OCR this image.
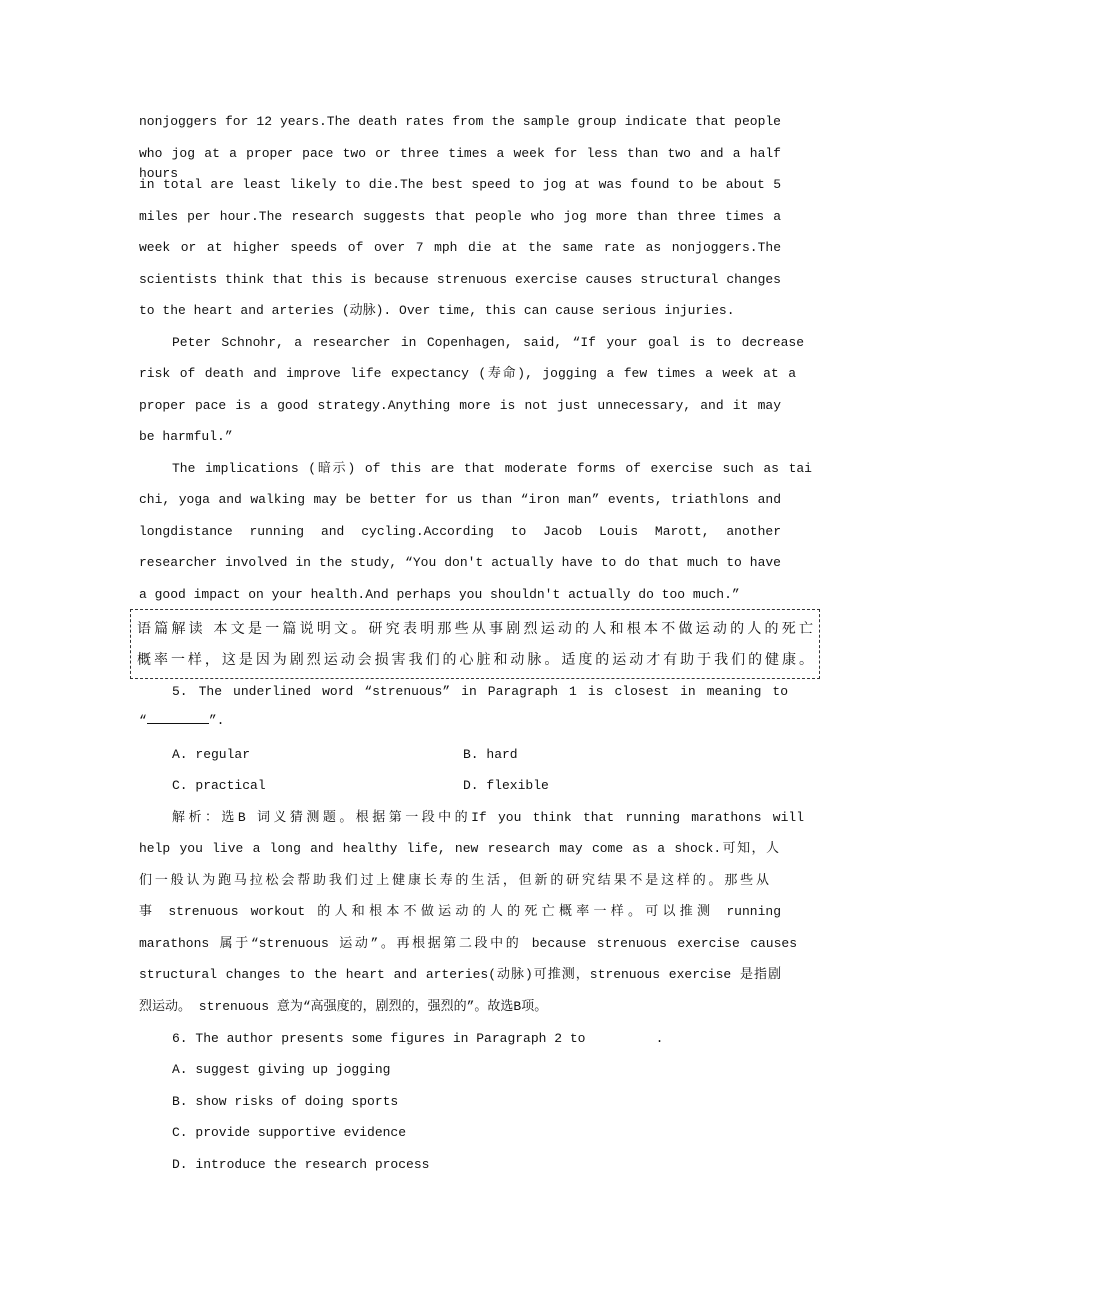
nonjoggers for 12 years.The death rates from the sample group indicate that people
who jog at a proper pace two or three times a week for less than two and a half hours
in total are least likely to die.The best speed to jog at was found to be about 5
miles per hour.The research suggests that people who jog more than three times a
week or at higher speeds of over 7 mph die at the same rate as nonjoggers.The
scientists think that this is because strenuous exercise causes structural changes
to the heart and arteries (动脉). Over time, this can cause serious injuries.
Peter Schnohr, a researcher in Copenhagen, said, “If your goal is to decrease
risk of death and improve life expectancy (寿命), jogging a few times a week at a
proper pace is a good strategy.Anything more is not just unnecessary, and it may
be harmful.”
The implications (暗示) of this are that moderate forms of exercise such as tai
chi, yoga and walking may be better for us than “iron man” events, triathlons and
longdistance running and cycling.According to Jacob Louis Marott, another
researcher involved in the study, “You don't actually have to do that much to have
a good impact on your health.And perhaps you shouldn't actually do too much.”
语篇解读 本文是一篇说明文。研究表明那些从事剧烈运动的人和根本不做运动的人的死亡
概率一样，这是因为剧烈运动会损害我们的心脏和动脉。适度的运动才有助于我们的健康。
5. The underlined word “strenuous” in Paragraph 1 is closest in meaning to
“	”.
A. regular	B. hard
C. practical	D. flexible
解析：选B 词义猜测题。根据第一段中的If you think that running marathons will
help you live a long and healthy life, new research may come as a shock.可知，人
们一般认为跑马拉松会帮助我们过上健康长寿的生活，但新的研究结果不是这样的。那些从
事 strenuous workout 的人和根本不做运动的人的死亡概率一样。可以推测 running
marathons 属于“strenuous 运动”。再根据第二段中的 because strenuous exercise causes
structural changes to the heart and arteries(动脉)可推测，strenuous exercise 是指剧
烈运动。 strenuous 意为“高强度的，剧烈的，强烈的”。故选B项。
6. The author presents some figures in Paragraph 2 to         .
A. suggest giving up jogging
B. show risks of doing sports
C. provide supportive evidence
D. introduce the research process
